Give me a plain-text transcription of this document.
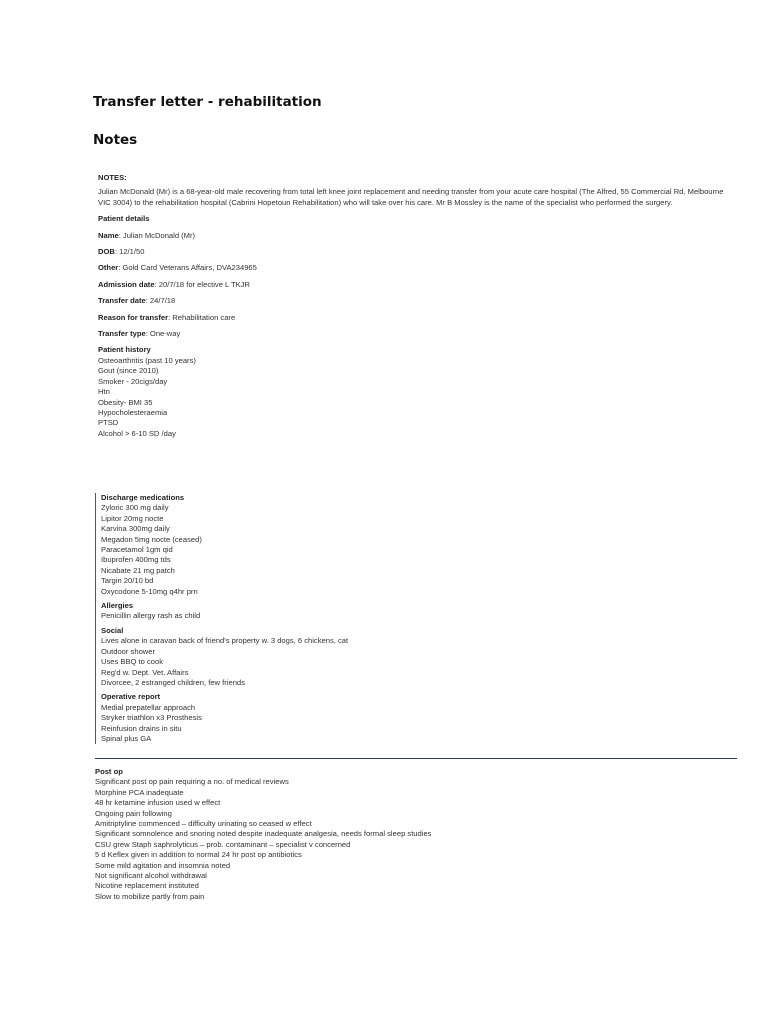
Transfer letter - rehabilitation
Notes

NOTES:

Julian McDonald (Mr) is a 68-year-old male recovering from total left knee joint replacement and needing transfer from your acute care hospital (The Alfred, 55 Commercial Rd, Melbourne VIC 3004) to the rehabilitation hospital (Cabrini Hopetoun Rehabilitation) who will take over his care. Mr B Mossley is the name of the specialist who performed the surgery.

Patient details

Name: Julian McDonald (Mr)

DOB: 12/1/50

Other: Gold Card Veterans Affairs, DVA234965

Admission date: 20/7/18 for elective L TKJR

Transfer date: 24/7/18

Reason for transfer: Rehabilitation care

Transfer type: One-way

Patient history

Osteoarthritis (past 10 years)

Gout (since 2010)

Smoker - 20cigs/day

Htn

Obesity- BMI 35

Hypocholesteraemia

PTSD

Alcohol > 6-10 SD /day

Discharge medications

Zyloric 300 mg daily

Lipitor 20mg nocte

Karvina 300mg daily

Megadon 5mg nocte (ceased)

Paracetamol 1gm qid

Ibuprofen 400mg tds

Nicabate 21 mg patch

Targin 20/10 bd

Oxycodone 5-10mg q4hr prn

Allergies

Penicillin allergy rash as child

Social

Lives alone in caravan back of friend's property w. 3 dogs, 6 chickens, cat

Outdoor shower

Uses BBQ to cook

Reg'd w. Dept. Vet. Affairs

Divorcee, 2 estranged children, few friends

Operative report

Medial prepatellar approach

Stryker triathlon x3 Prosthesis

Reinfusion drains in situ

Spinal plus GA

Post op

Significant post op pain requiring a no. of medical reviews

Morphine PCA inadequate

48 hr ketamine infusion used w effect

Ongoing pain following

Amitriptyline commenced – difficulty urinating so ceased w effect

Significant somnolence and snoring noted despite inadequate analgesia, needs formal sleep studies

CSU grew Staph saphrolyticus – prob. contaminant – specialist v concerned

5 d Keflex given in addition to normal 24 hr post op antibiotics

Some mild agitation and insomnia noted

Not significant alcohol withdrawal

Nicotine replacement instituted

Slow to mobilize partly from pain
